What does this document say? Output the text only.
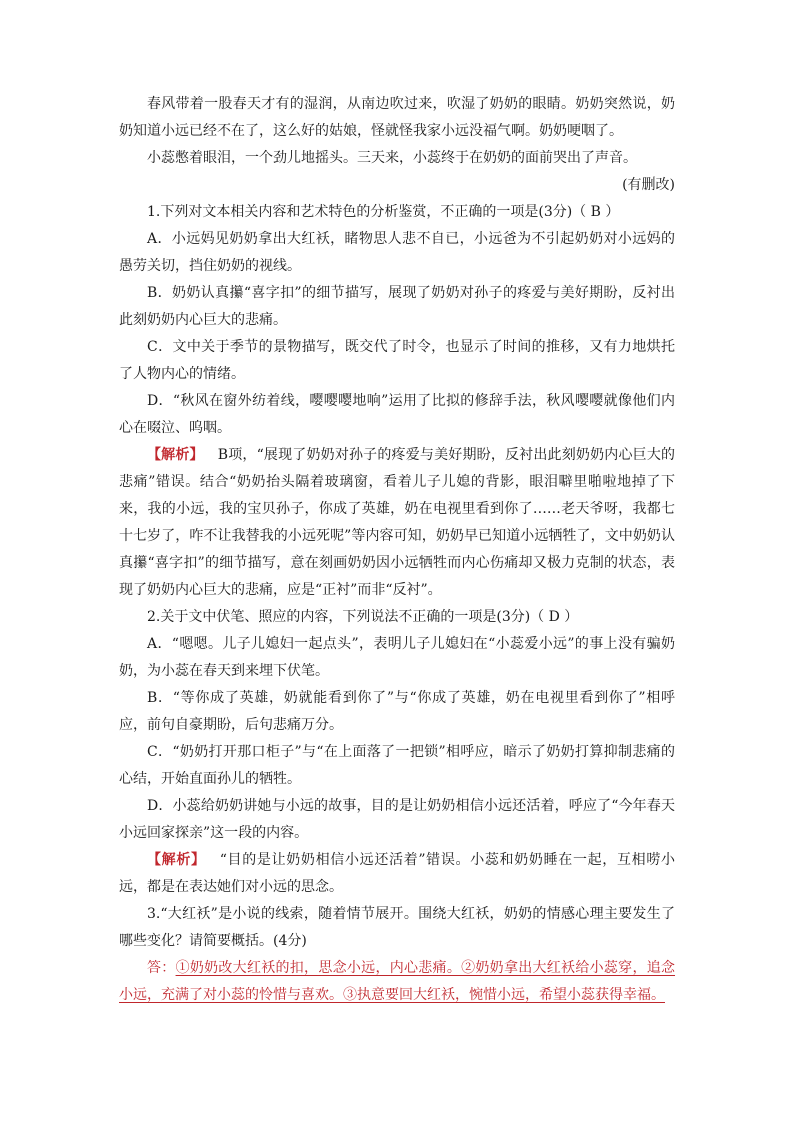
春风带着一股春天才有的湿润，从南边吹过来，吹湿了奶奶的眼睛。奶奶突然说，奶奶知道小远已经不在了，这么好的姑娘，怪就怪我家小远没福气啊。奶奶哽咽了。

小蕊憋着眼泪，一个劲儿地摇头。三天来，小蕊终于在奶奶的面前哭出了声音。

(有删改)

1.下列对文本相关内容和艺术特色的分析鉴赏，不正确的一项是(3分)（ B ）

A．小远妈见奶奶拿出大红袄，睹物思人悲不自已，小远爸为不引起奶奶对小远妈的愚劳关切，挡住奶奶的视线。

B．奶奶认真攥“喜字扣”的细节描写，展现了奶奶对孙子的疼爱与美好期盼，反衬出此刻奶奶内心巨大的悲痛。

C．文中关于季节的景物描写，既交代了时令，也显示了时间的推移，又有力地烘托了人物内心的情绪。

D．“秋风在窗外纺着线，嘤嘤嘤地响”运用了比拟的修辞手法，秋风嘤嘤就像他们内心在啜泣、呜咽。

【解析】  B项，“展现了奶奶对孙子的疼爱与美好期盼，反衬出此刻奶奶内心巨大的悲痛”错误。结合“奶奶抬头隔着玻璃窗，看着儿子儿媳的背影，眼泪噼里啪啦地掉了下来，我的小远，我的宝贝孙子，你成了英雄，奶在电视里看到你了……老天爷呀，我都七十七岁了，咋不让我替我的小远死呢”等内容可知，奶奶早已知道小远牺牲了，文中奶奶认真攥“喜字扣”的细节描写，意在刻画奶奶因小远牺牲而内心伤痛却又极力克制的状态，表现了奶奶内心巨大的悲痛，应是“正衬”而非“反衬”。

2.关于文中伏笔、照应的内容，下列说法不正确的一项是(3分)（ D ）

A．“嗯嗯。儿子儿媳妇一起点头”，表明儿子儿媳妇在“小蕊爱小远”的事上没有骗奶奶，为小蕊在春天到来埋下伏笔。

B．“等你成了英雄，奶就能看到你了”与“你成了英雄，奶在电视里看到你了”相呼应，前句自豪期盼，后句悲痛万分。

C．“奶奶打开那口柜子”与“在上面落了一把锁”相呼应，暗示了奶奶打算抑制悲痛的心结，开始直面孙儿的牺牲。

D．小蕊给奶奶讲她与小远的故事，目的是让奶奶相信小远还活着，呼应了“今年春天小远回家探亲”这一段的内容。

【解析】  “目的是让奶奶相信小远还活着”错误。小蕊和奶奶睡在一起，互相唠小远，都是在表达她们对小远的思念。

3.“大红袄”是小说的线索，随着情节展开。围绕大红袄，奶奶的情感心理主要发生了哪些变化？请简要概括。(4分)

答：①奶奶改大红袄的扣，思念小远，内心悲痛。②奶奶拿出大红袄给小蕊穿，追念小远，充满了对小蕊的怜惜与喜欢。③执意要回大红袄，惋惜小远，希望小蕊获得幸福。
